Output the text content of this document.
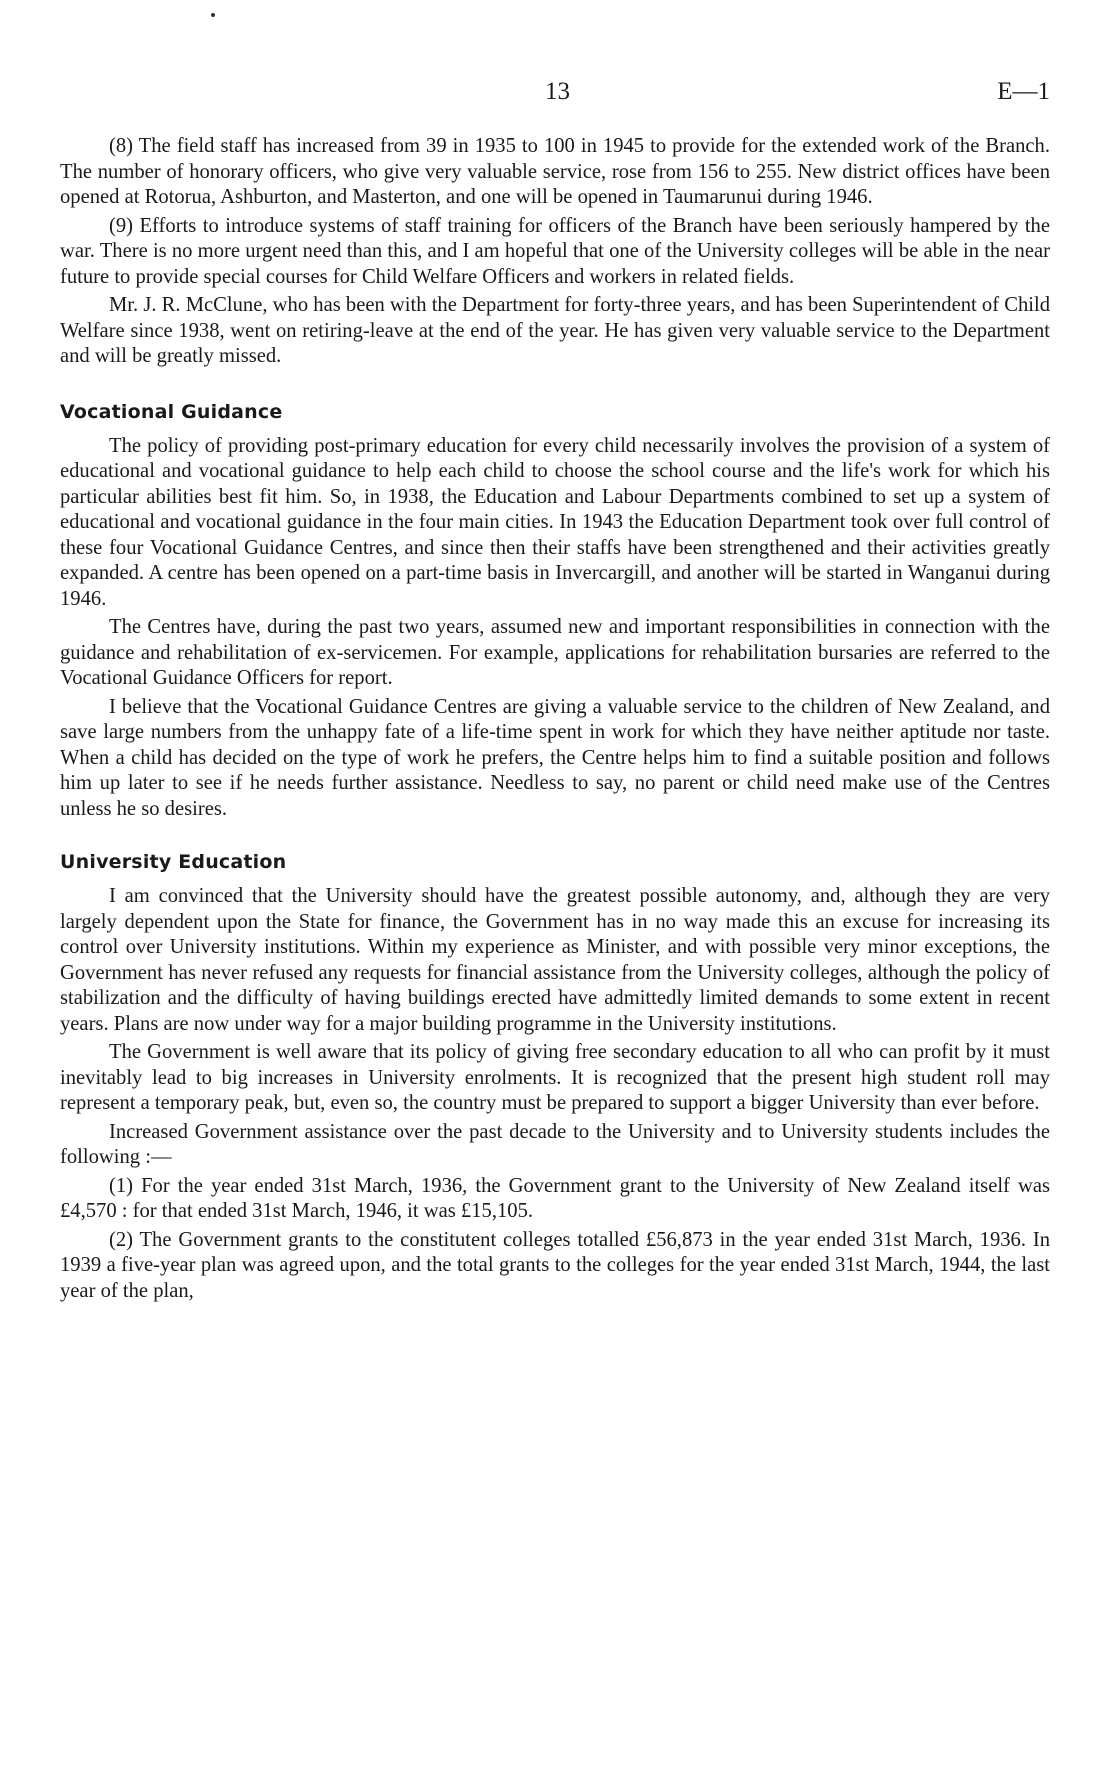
13	E—1

(8) The field staff has increased from 39 in 1935 to 100 in 1945 to provide for the extended work of the Branch. The number of honorary officers, who give very valuable service, rose from 156 to 255. New district offices have been opened at Rotorua, Ashburton, and Masterton, and one will be opened in Taumarunui during 1946.

(9) Efforts to introduce systems of staff training for officers of the Branch have been seriously hampered by the war. There is no more urgent need than this, and I am hopeful that one of the University colleges will be able in the near future to provide special courses for Child Welfare Officers and workers in related fields.

Mr. J. R. McClune, who has been with the Department for forty-three years, and has been Superintendent of Child Welfare since 1938, went on retiring-leave at the end of the year. He has given very valuable service to the Department and will be greatly missed.

Vocational Guidance

The policy of providing post-primary education for every child necessarily involves the provision of a system of educational and vocational guidance to help each child to choose the school course and the life's work for which his particular abilities best fit him. So, in 1938, the Education and Labour Departments combined to set up a system of educational and vocational guidance in the four main cities. In 1943 the Education Department took over full control of these four Vocational Guidance Centres, and since then their staffs have been strengthened and their activities greatly expanded. A centre has been opened on a part-time basis in Invercargill, and another will be started in Wanganui during 1946.

The Centres have, during the past two years, assumed new and important responsibilities in connection with the guidance and rehabilitation of ex-servicemen. For example, applications for rehabilitation bursaries are referred to the Vocational Guidance Officers for report.

I believe that the Vocational Guidance Centres are giving a valuable service to the children of New Zealand, and save large numbers from the unhappy fate of a life-time spent in work for which they have neither aptitude nor taste. When a child has decided on the type of work he prefers, the Centre helps him to find a suitable position and follows him up later to see if he needs further assistance. Needless to say, no parent or child need make use of the Centres unless he so desires.

University Education

I am convinced that the University should have the greatest possible autonomy, and, although they are very largely dependent upon the State for finance, the Government has in no way made this an excuse for increasing its control over University institutions. Within my experience as Minister, and with possible very minor exceptions, the Government has never refused any requests for financial assistance from the University colleges, although the policy of stabilization and the difficulty of having buildings erected have admittedly limited demands to some extent in recent years. Plans are now under way for a major building programme in the University institutions.

The Government is well aware that its policy of giving free secondary education to all who can profit by it must inevitably lead to big increases in University enrolments. It is recognized that the present high student roll may represent a temporary peak, but, even so, the country must be prepared to support a bigger University than ever before.

Increased Government assistance over the past decade to the University and to University students includes the following :—

(1) For the year ended 31st March, 1936, the Government grant to the University of New Zealand itself was £4,570 : for that ended 31st March, 1946, it was £15,105.

(2) The Government grants to the constitutent colleges totalled £56,873 in the year ended 31st March, 1936. In 1939 a five-year plan was agreed upon, and the total grants to the colleges for the year ended 31st March, 1944, the last year of the plan,
